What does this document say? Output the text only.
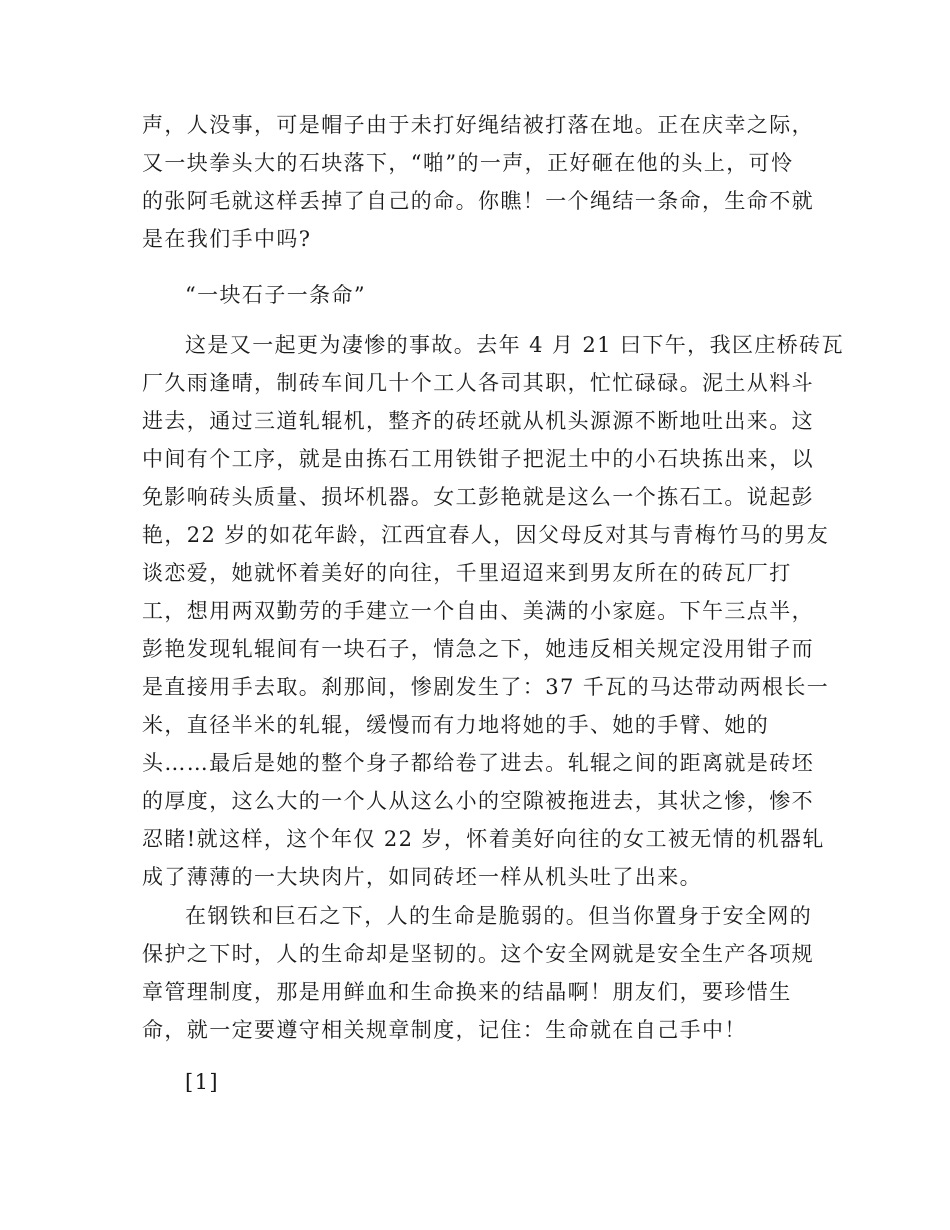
声，人没事，可是帽子由于未打好绳结被打落在地。正在庆幸之际，
又一块拳头大的石块落下，“啪”的一声，正好砸在他的头上，可怜
的张阿毛就这样丢掉了自己的命。你瞧！一个绳结一条命，生命不就
是在我们手中吗?
“一块石子一条命”
这是又一起更为凄惨的事故。去年 4 月 21 曰下午，我区庄桥砖瓦
厂久雨逢晴，制砖车间几十个工人各司其职，忙忙碌碌。泥土从料斗
进去，通过三道轧辊机，整齐的砖坯就从机头源源不断地吐出来。这
中间有个工序，就是由拣石工用铁钳子把泥土中的小石块拣出来，以
免影响砖头质量、损坏机器。女工彭艳就是这么一个拣石工。说起彭
艳，22 岁的如花年龄，江西宜春人，因父母反对其与青梅竹马的男友
谈恋爱，她就怀着美好的向往，千里迢迢来到男友所在的砖瓦厂打
工，想用两双勤劳的手建立一个自由、美满的小家庭。下午三点半，
彭艳发现轧辊间有一块石子，情急之下，她违反相关规定没用钳子而
是直接用手去取。刹那间，惨剧发生了：37 千瓦的马达带动两根长一
米，直径半米的轧辊，缓慢而有力地将她的手、她的手臂、她的
头……最后是她的整个身子都给卷了进去。轧辊之间的距离就是砖坯
的厚度，这么大的一个人从这么小的空隙被拖进去，其状之惨，惨不
忍睹!就这样，这个年仅 22 岁，怀着美好向往的女工被无情的机器轧
成了薄薄的一大块肉片，如同砖坯一样从机头吐了出来。
在钢铁和巨石之下，人的生命是脆弱的。但当你置身于安全网的
保护之下时，人的生命却是坚韧的。这个安全网就是安全生产各项规
章管理制度，那是用鲜血和生命换来的结晶啊！朋友们，要珍惜生
命，就一定要遵守相关规章制度，记住：生命就在自己手中！
[1]
